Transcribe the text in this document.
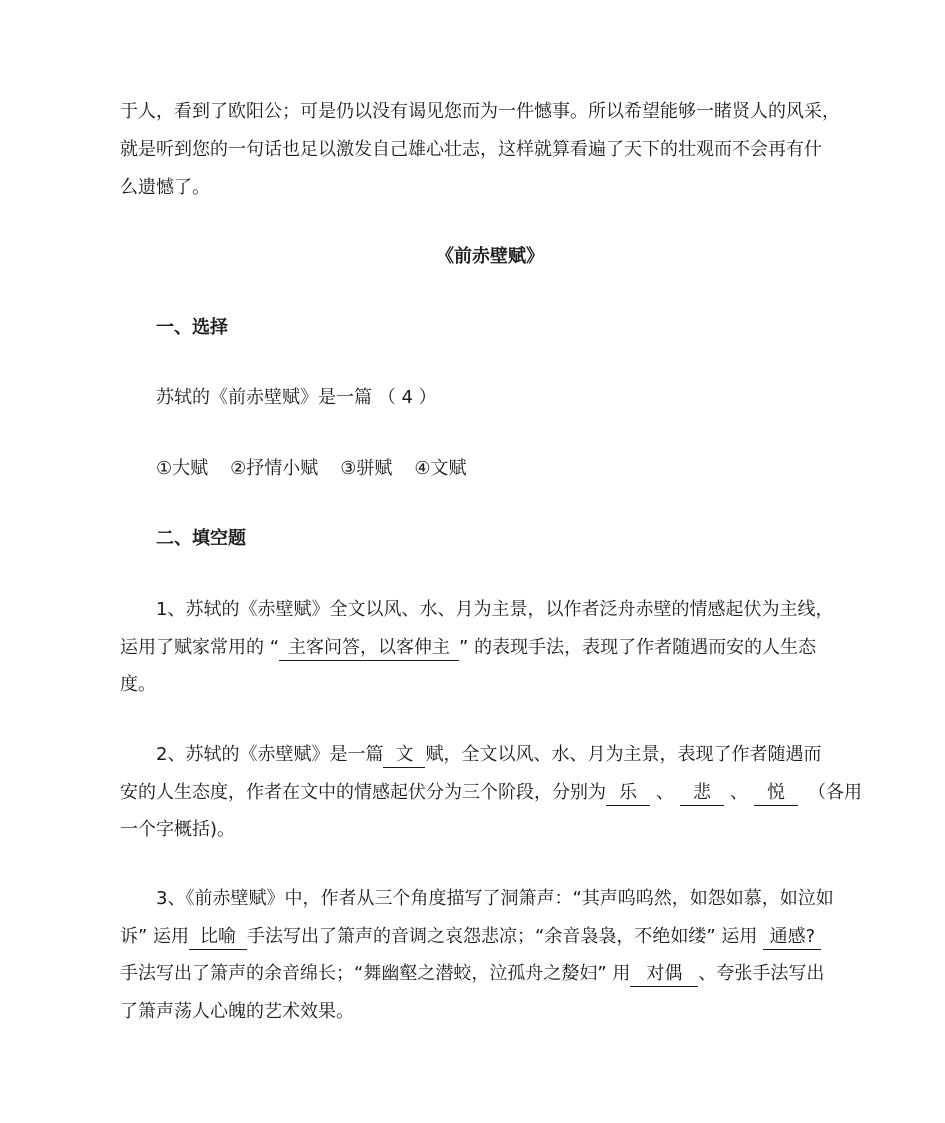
于人，看到了欧阳公；可是仍以没有谒见您而为一件憾事。所以希望能够一睹贤人的风采，
就是听到您的一句话也足以激发自己雄心壮志，这样就算看遍了天下的壮观而不会再有什
么遗憾了。
《前赤壁赋》
一、选择
苏轼的《前赤壁赋》是一篇 （ 4 ）
①大赋 ②抒情小赋 ③骈赋 ④文赋
二、填空题
1、苏轼的《赤壁赋》全文以风、水、月为主景，以作者泛舟赤壁的情感起伏为主线，
运用了赋家常用的 “ 主客问答，以客伸主 ” 的表现手法，表现了作者随遇而安的人生态
度。
2、苏轼的《赤壁赋》是一篇 文 赋，全文以风、水、月为主景，表现了作者随遇而
安的人生态度，作者在文中的情感起伏分为三个阶段，分别为 乐 、 悲 、 悦 （各用
一个字概括)。
3、《前赤壁赋》中，作者从三个角度描写了洞箫声：“其声呜呜然，如怨如慕，如泣如
诉” 运用 比喻 手法写出了箫声的音调之哀怨悲凉；“余音袅袅，不绝如缕” 运用 通感?
手法写出了箫声的余音绵长；“舞幽壑之潜蛟，泣孤舟之嫠妇” 用 对偶 、夸张手法写出
了箫声荡人心魄的艺术效果。
